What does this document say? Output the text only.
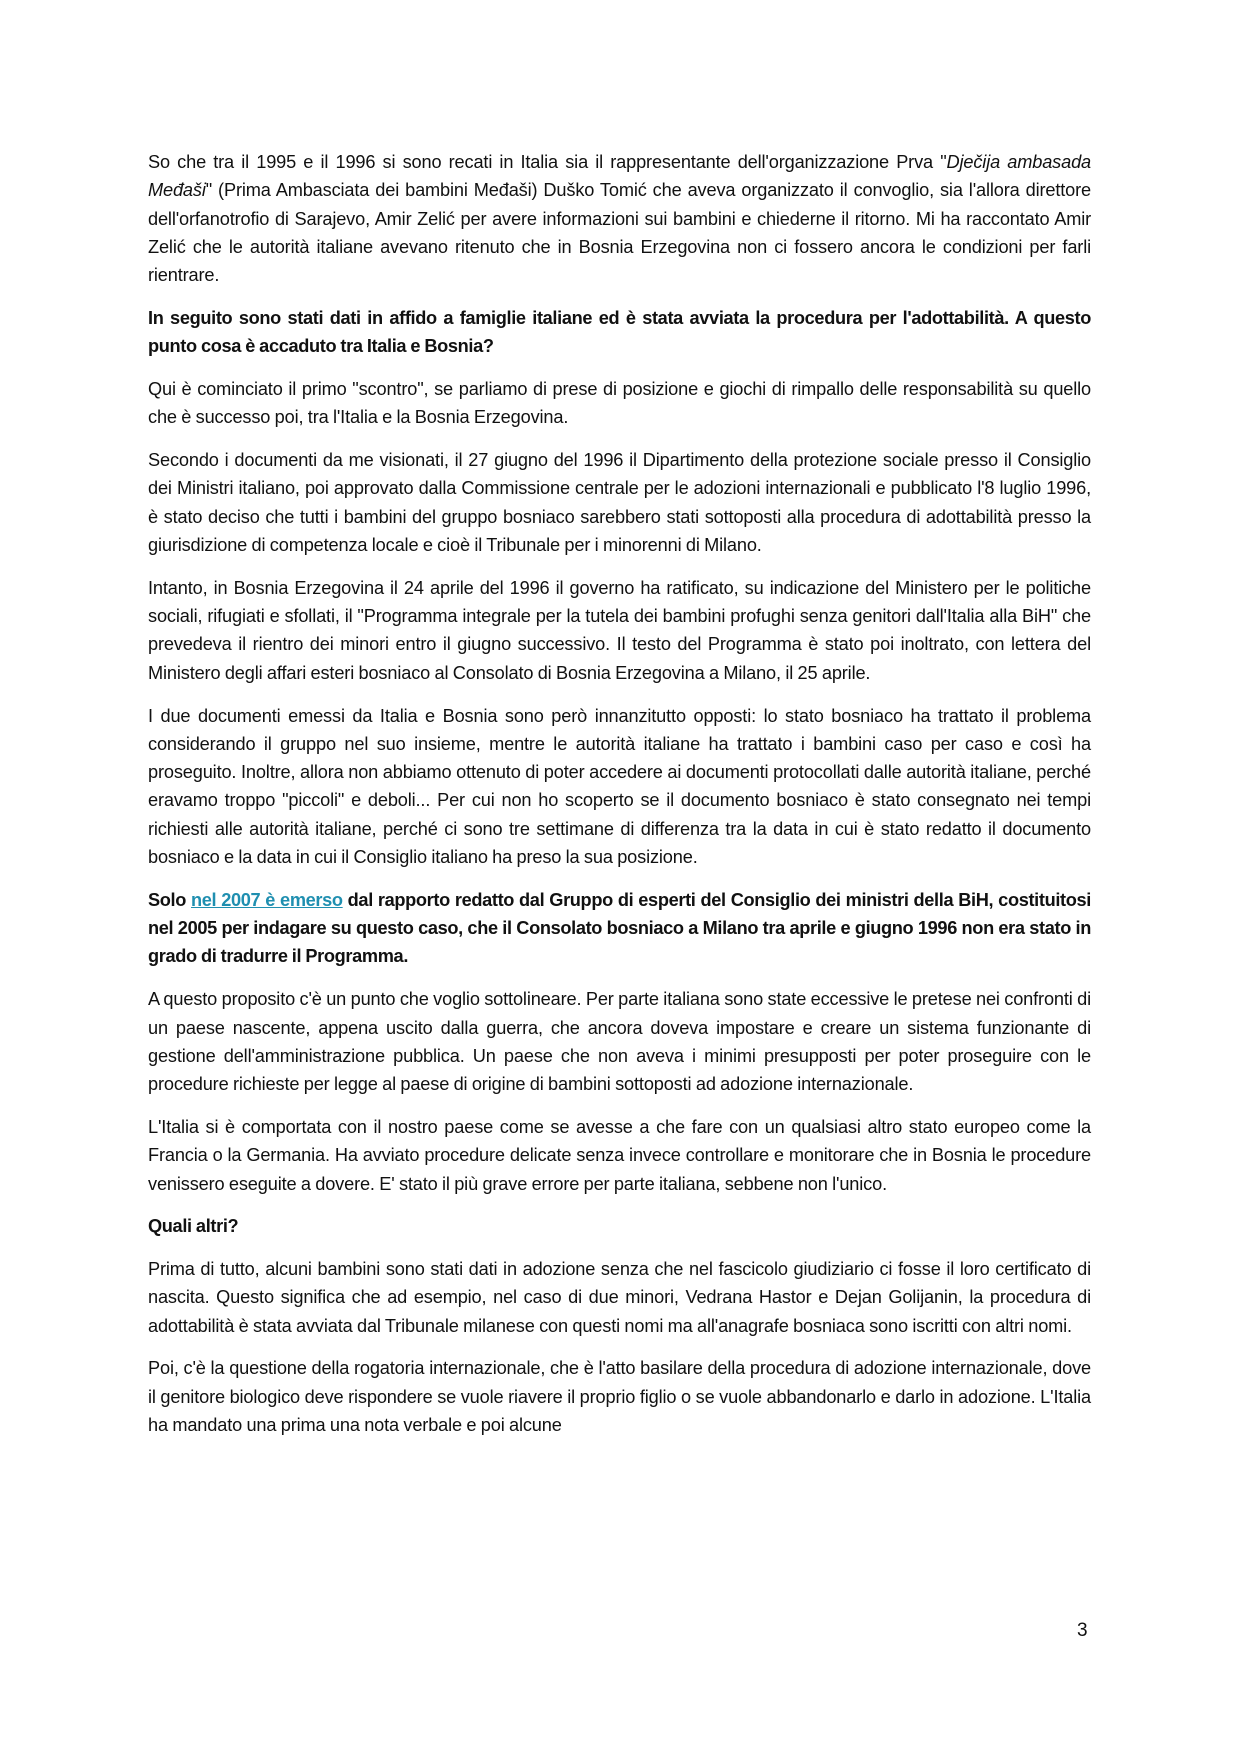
So che tra il 1995 e il 1996 si sono recati in Italia sia il rappresentante dell'organizzazione Prva "Dječija ambasada Međaši" (Prima Ambasciata dei bambini Međaši) Duško Tomić che aveva organizzato il convoglio, sia l'allora direttore dell'orfanotrofio di Sarajevo, Amir Zelić per avere informazioni sui bambini e chiederne il ritorno. Mi ha raccontato Amir Zelić che le autorità italiane avevano ritenuto che in Bosnia Erzegovina non ci fossero ancora le condizioni per farli rientrare.

In seguito sono stati dati in affido a famiglie italiane ed è stata avviata la procedura per l'adottabilità. A questo punto cosa è accaduto tra Italia e Bosnia?

Qui è cominciato il primo "scontro", se parliamo di prese di posizione e giochi di rimpallo delle responsabilità su quello che è successo poi, tra l'Italia e la Bosnia Erzegovina.

Secondo i documenti da me visionati, il 27 giugno del 1996 il Dipartimento della protezione sociale presso il Consiglio dei Ministri italiano, poi approvato dalla Commissione centrale per le adozioni internazionali e pubblicato l'8 luglio 1996, è stato deciso che tutti i bambini del gruppo bosniaco sarebbero stati sottoposti alla procedura di adottabilità presso la giurisdizione di competenza locale e cioè il Tribunale per i minorenni di Milano.

Intanto, in Bosnia Erzegovina il 24 aprile del 1996 il governo ha ratificato, su indicazione del Ministero per le politiche sociali, rifugiati e sfollati, il "Programma integrale per la tutela dei bambini profughi senza genitori dall'Italia alla BiH" che prevedeva il rientro dei minori entro il giugno successivo. Il testo del Programma è stato poi inoltrato, con lettera del Ministero degli affari esteri bosniaco al Consolato di Bosnia Erzegovina a Milano, il 25 aprile.

I due documenti emessi da Italia e Bosnia sono però innanzitutto opposti: lo stato bosniaco ha trattato il problema considerando il gruppo nel suo insieme, mentre le autorità italiane ha trattato i bambini caso per caso e così ha proseguito. Inoltre, allora non abbiamo ottenuto di poter accedere ai documenti protocollati dalle autorità italiane, perché eravamo troppo "piccoli" e deboli... Per cui non ho scoperto se il documento bosniaco è stato consegnato nei tempi richiesti alle autorità italiane, perché ci sono tre settimane di differenza tra la data in cui è stato redatto il documento bosniaco e la data in cui il Consiglio italiano ha preso la sua posizione.

Solo nel 2007 è emerso dal rapporto redatto dal Gruppo di esperti del Consiglio dei ministri della BiH, costituitosi nel 2005 per indagare su questo caso, che il Consolato bosniaco a Milano tra aprile e giugno 1996 non era stato in grado di tradurre il Programma.

A questo proposito c'è un punto che voglio sottolineare. Per parte italiana sono state eccessive le pretese nei confronti di un paese nascente, appena uscito dalla guerra, che ancora doveva impostare e creare un sistema funzionante di gestione dell'amministrazione pubblica. Un paese che non aveva i minimi presupposti per poter proseguire con le procedure richieste per legge al paese di origine di bambini sottoposti ad adozione internazionale.

L'Italia si è comportata con il nostro paese come se avesse a che fare con un qualsiasi altro stato europeo come la Francia o la Germania. Ha avviato procedure delicate senza invece controllare e monitorare che in Bosnia le procedure venissero eseguite a dovere. E' stato il più grave errore per parte italiana, sebbene non l'unico.

Quali altri?

Prima di tutto, alcuni bambini sono stati dati in adozione senza che nel fascicolo giudiziario ci fosse il loro certificato di nascita. Questo significa che ad esempio, nel caso di due minori, Vedrana Hastor e Dejan Golijanin, la procedura di adottabilità è stata avviata dal Tribunale milanese con questi nomi ma all'anagrafe bosniaca sono iscritti con altri nomi.

Poi, c'è la questione della rogatoria internazionale, che è l'atto basilare della procedura di adozione internazionale, dove il genitore biologico deve rispondere se vuole riavere il proprio figlio o se vuole abbandonarlo e darlo in adozione. L'Italia ha mandato una prima una nota verbale e poi alcune

3
